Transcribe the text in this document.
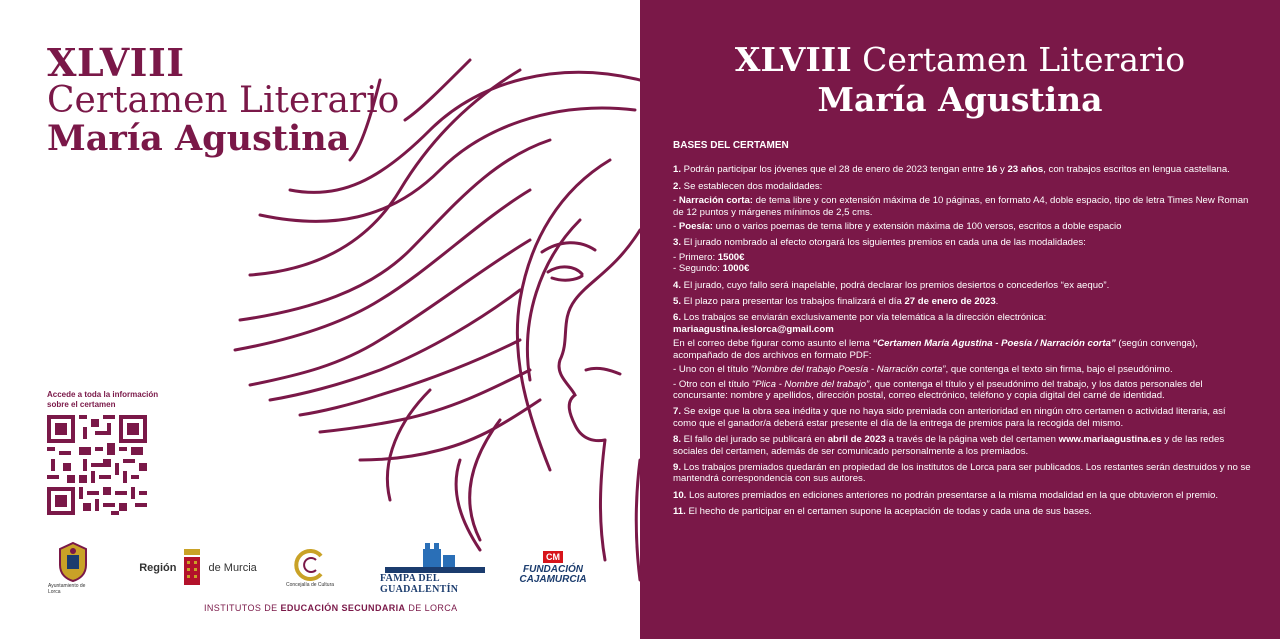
XLVIII
Certamen Literario
María Agustina
Accede a toda la información
sobre el certamen
Ayuntamiento de Lorca
Región	de Murcia
Concejalía de Cultura
FAMPA DEL GUADALENTÍN
CM
FUNDACIÓN
CAJAMURCIA
INSTITUTOS DE EDUCACIÓN SECUNDARIA DE LORCA
XLVIII Certamen Literario
María Agustina
BASES DEL CERTAMEN

1. Podrán participar los jóvenes que el 28 de enero de 2023 tengan entre 16 y 23 años, con trabajos escritos en lengua castellana.

2. Se establecen dos modalidades:

- Narración corta: de tema libre y con extensión máxima de 10 páginas, en formato A4, doble espacio, tipo de letra Times New Roman de 12 puntos y márgenes mínimos de 2,5 cms.

- Poesía: uno o varios poemas de tema libre y extensión máxima de 100 versos, escritos a doble espacio

3. El jurado nombrado al efecto otorgará los siguientes premios en cada una de las modalidades:

- Primero: 1500€
- Segundo: 1000€

4. El jurado, cuyo fallo será inapelable, podrá declarar los premios desiertos o concederlos “ex aequo”.

5. El plazo para presentar los trabajos finalizará el día 27 de enero de 2023.

6. Los trabajos se enviarán exclusivamente por vía telemática a la dirección electrónica:
mariaagustina.ieslorca@gmail.com

En el correo debe figurar como asunto el lema “Certamen María Agustina - Poesía / Narración corta” (según convenga), acompañado de dos archivos en formato PDF:

- Uno con el título “Nombre del trabajo Poesía - Narración corta”, que contenga el texto sin firma, bajo el pseudónimo.

- Otro con el título “Plica - Nombre del trabajo”, que contenga el título y el pseudónimo del trabajo, y los datos personales del concursante: nombre y apellidos, dirección postal, correo electrónico, teléfono y copia digital del carné de identidad.

7. Se exige que la obra sea inédita y que no haya sido premiada con anterioridad en ningún otro certamen o actividad literaria, así como que el ganador/a deberá estar presente el día de la entrega de premios para la recogida del mismo.

8. El fallo del jurado se publicará en abril de 2023 a través de la página web del certamen www.mariaagustina.es y de las redes sociales del certamen, además de ser comunicado personalmente a los premiados.

9. Los trabajos premiados quedarán en propiedad de los institutos de Lorca para ser publicados. Los restantes serán destruidos y no se mantendrá correspondencia con sus autores.

10. Los autores premiados en ediciones anteriores no podrán presentarse a la misma modalidad en la que obtuvieron el premio.

11. El hecho de participar en el certamen supone la aceptación de todas y cada una de sus bases.
